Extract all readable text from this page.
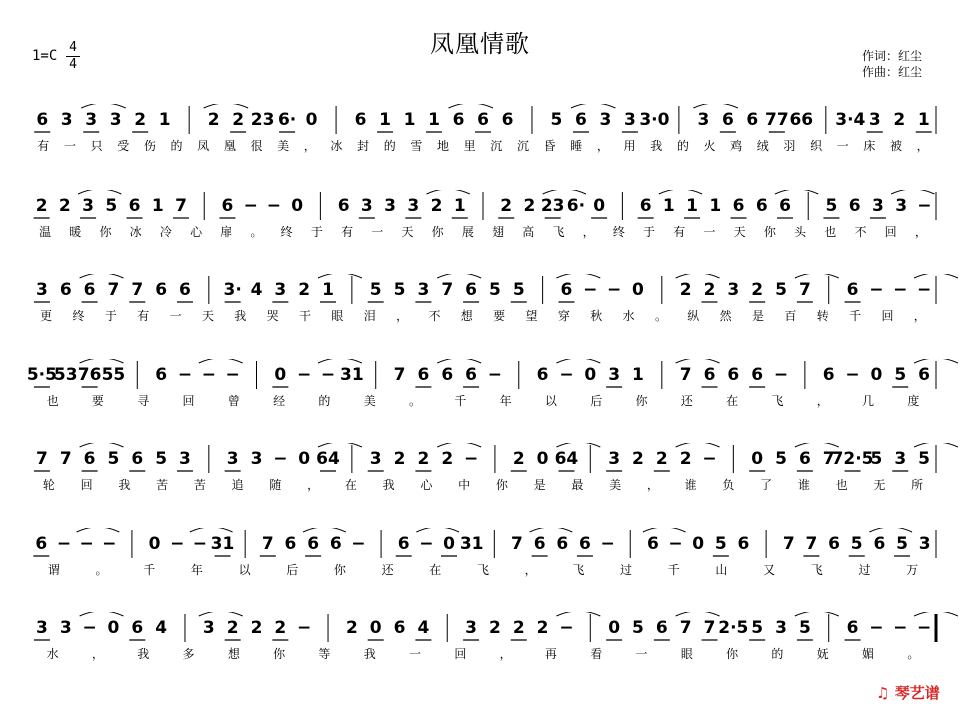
凤凰情歌
1=C
4
4
作词：红尘
作曲：红尘
6 3 3 3 2 1 2 2 23 6· 0 6 1 1 1 6 6 6 5 6 3 3 3·0 3 6 6 77 66 3·4 3 2 1
有 一 只 受 伤 的 凤 凰 很 美 ， 冰 封 的 雪 地 里 沉 沉 昏 睡 ， 用 我 的 火 鸡 绒 羽 织 一 床 被 ，
2 2 3 5 6 1 7 6 − − 0 6 3 3 3 2 1 2 2 23 6· 0 6 1 1 1 6 6 6 5 6 3 3 −
温 暖 你 冰 冷 心 扉 。 终 于 有 一 天 你 展 翅 高 飞 ， 终 于 有 一 天 你 头 也 不 回 ，
3 6 6 7 7 6 6 3· 4 3 2 1 5 5 3 7 6 5 5 6 − − 0 2 2 3 2 5 7 6 − − −
更 终 于 有 一 天 我 哭 干 眼 泪 ， 不 想 要 望 穿 秋 水 。 纵 然 是 百 转 千 回 ，
5·5
53 76 55 6 − − − 0 − − 31 7 6 6 6 − 6 − 0 3 1 7 6 6 6 − 6 − 0 5 6
也	要	寻	回	曾	经	的	美	。	千	年	以	后	你	还	在	飞	，	几	度
7 7 6 5 6 5 3 3 3 − 0 64 3 2 2 2 − 2 0 64 3 2 2 2 − 0 5 6 7
72·5
5 3 5
轮 回 我 苦 苦 追 随 ， 在 我 心 中 你 是 最 美 ， 谁 负 了 谁 也 无 所
6 − − − 0 − − 31 7 6 6 6 − 6 − 0 31 7 6 6 6 − 6 − 0 5 6 7 7 6 5 6 5 3
谓	。	千	年	以	后	你	还	在	飞	，	飞	过	千	山	又	飞	过	万
3 3 − 0 6 4 3 2 2 2 − 2 0 6 4 3 2 2 2 − 0 5 6 7 7 2·5 5 3 5 6 − − −
水	，	我	多	想	你	等	我	一	回	，	再	看	一	眼	你	的	妩	媚	。
♫ 琴艺谱
